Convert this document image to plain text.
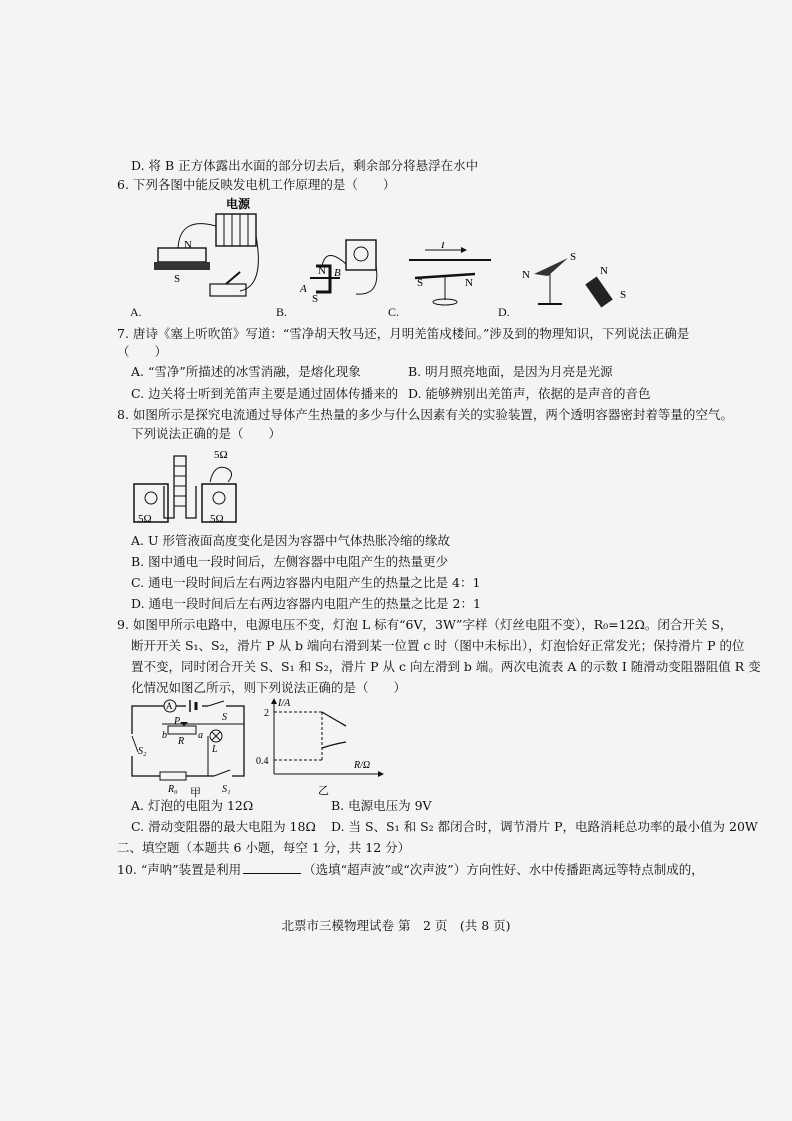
D. 将 B 正方体露出水面的部分切去后，剩余部分将悬浮在水中
6. 下列各图中能反映发电机工作原理的是（　　）
电源
N
S
A.
N B
A
S
B.
I
S	N
C.
N
S
N
S
D.
7. 唐诗《塞上听吹笛》写道：“雪净胡天牧马还，月明羌笛戍楼间。”涉及到的物理知识，下列说法正确是
（　　）
A. “雪净”所描述的冰雪消融，是熔化现象	B. 明月照亮地面，是因为月亮是光源
C. 边关将士听到羌笛声主要是通过固体传播来的 D. 能够辨别出羌笛声，依据的是声音的音色
8. 如图所示是探究电流通过导体产生热量的多少与什么因素有关的实验装置，两个透明容器密封着等量的空气。
下列说法正确的是（　　）
5Ω
5Ω	5Ω
A. U 形管液面高度变化是因为容器中气体热胀冷缩的缘故
B. 图中通电一段时间后，左侧容器中电阻产生的热量更少
C. 通电一段时间后左右两边容器内电阻产生的热量之比是 4：1
D. 通电一段时间后左右两边容器内电阻产生的热量之比是 2：1
9. 如图甲所示电路中，电源电压不变，灯泡 L 标有“6V，3W”字样（灯丝电阻不变），R₀=12Ω。闭合开关 S，
断开开关 S₁、S₂，滑片 P 从 b 端向右滑到某一位置 c 时（图中未标出），灯泡恰好正常发光；保持滑片 P 的位
置不变，同时闭合开关 S、S₁ 和 S₂，滑片 P 从 c 向左滑到 b 端。两次电流表 A 的示数 I 随滑动变阻器阻值 R 变
化情况如图乙所示，则下列说法正确的是（　　）
A
S
P
b
R
a
L
S₂
R₀	S₁
甲
I/A
2
0.4	R/Ω
乙
A. 灯泡的电阻为 12Ω	B. 电源电压为 9V
C. 滑动变阻器的最大电阻为 18Ω D. 当 S、S₁ 和 S₂ 都闭合时，调节滑片 P，电路消耗总功率的最小值为 20W
二、填空题（本题共 6 小题，每空 1 分，共 12 分）
10. “声呐”装置是利用	（选填“超声波”或“次声波”）方向性好、水中传播距离远等特点制成的，
北票市三模物理试卷 第　2 页　(共 8 页)
